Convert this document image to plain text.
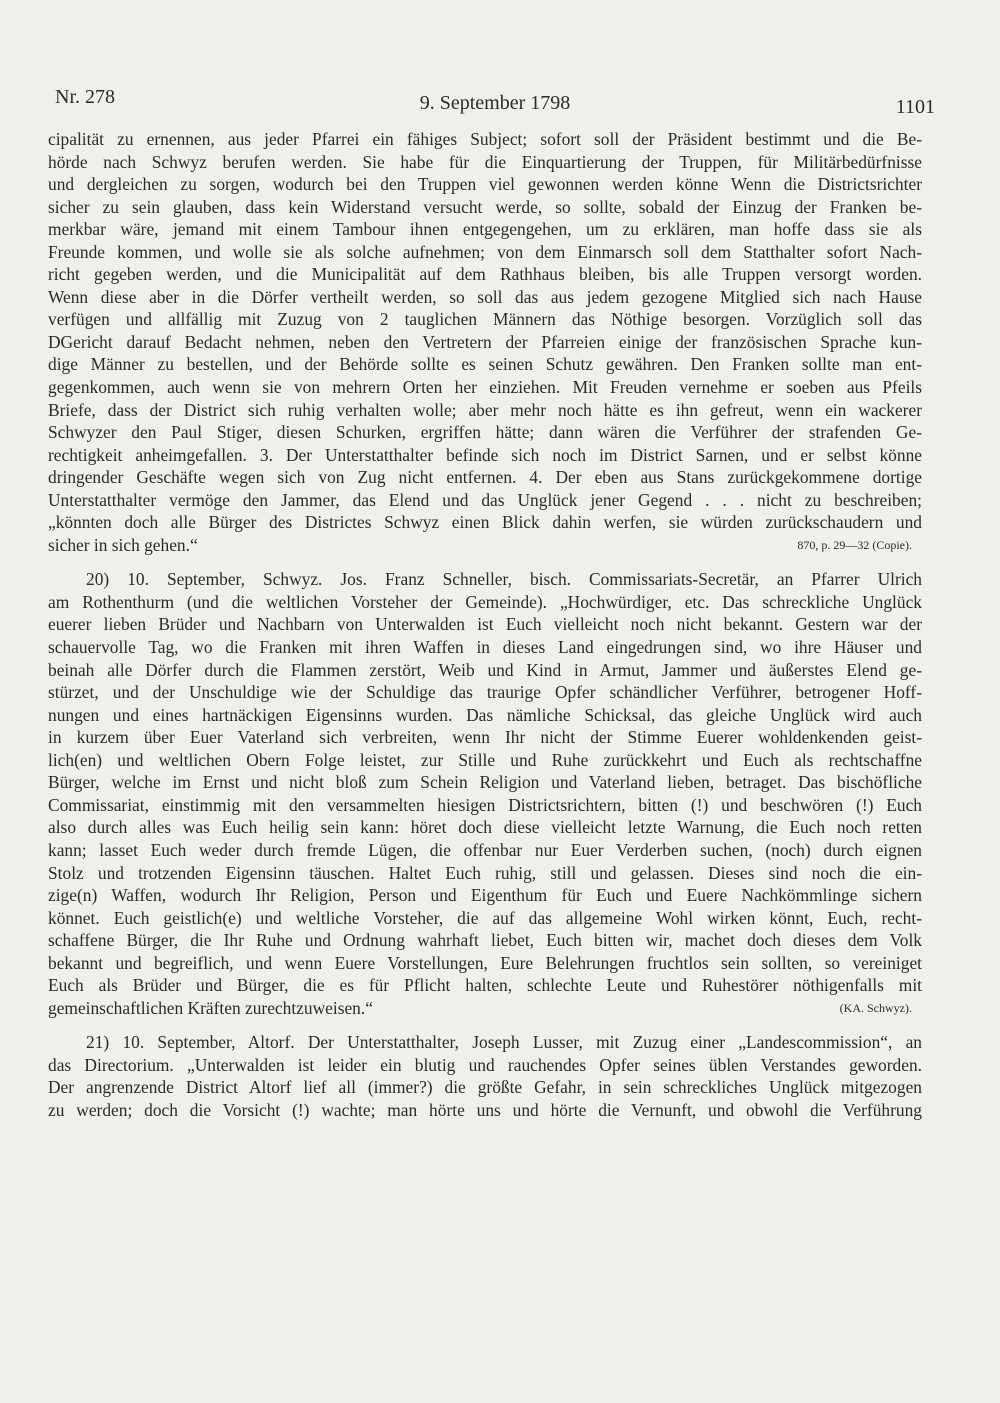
Nr. 278	9. September 1798	1101
cipalität zu ernennen, aus jeder Pfarrei ein fähiges Subject; sofort soll der Präsident bestimmt und die Be-
hörde nach Schwyz berufen werden. Sie habe für die Einquartierung der Truppen, für Militärbedürfnisse
und dergleichen zu sorgen, wodurch bei den Truppen viel gewonnen werden könne Wenn die Districtsrichter
sicher zu sein glauben, dass kein Widerstand versucht werde, so sollte, sobald der Einzug der Franken be-
merkbar wäre, jemand mit einem Tambour ihnen entgegengehen, um zu erklären, man hoffe dass sie als
Freunde kommen, und wolle sie als solche aufnehmen; von dem Einmarsch soll dem Statthalter sofort Nach-
richt gegeben werden, und die Municipalität auf dem Rathhaus bleiben, bis alle Truppen versorgt worden.
Wenn diese aber in die Dörfer vertheilt werden, so soll das aus jedem gezogene Mitglied sich nach Hause
verfügen und allfällig mit Zuzug von 2 tauglichen Männern das Nöthige besorgen. Vorzüglich soll das
DGericht darauf Bedacht nehmen, neben den Vertretern der Pfarreien einige der französischen Sprache kun-
dige Männer zu bestellen, und der Behörde sollte es seinen Schutz gewähren. Den Franken sollte man ent-
gegenkommen, auch wenn sie von mehrern Orten her einziehen. Mit Freuden vernehme er soeben aus Pfeils
Briefe, dass der District sich ruhig verhalten wolle; aber mehr noch hätte es ihn gefreut, wenn ein wackerer
Schwyzer den Paul Stiger, diesen Schurken, ergriffen hätte; dann wären die Verführer der strafenden Ge-
rechtigkeit anheimgefallen. 3. Der Unterstatthalter befinde sich noch im District Sarnen, und er selbst könne
dringender Geschäfte wegen sich von Zug nicht entfernen. 4. Der eben aus Stans zurückgekommene dortige
Unterstatthalter vermöge den Jammer, das Elend und das Unglück jener Gegend . . . nicht zu beschreiben;
„könnten doch alle Bürger des Districtes Schwyz einen Blick dahin werfen, sie würden zurückschaudern und
sicher in sich gehen.“	870, p. 29—32 (Copie).
20) 10. September, Schwyz. Jos. Franz Schneller, bisch. Commissariats-Secretär, an Pfarrer Ulrich
am Rothenthurm (und die weltlichen Vorsteher der Gemeinde). „Hochwürdiger, etc. Das schreckliche Unglück
euerer lieben Brüder und Nachbarn von Unterwalden ist Euch vielleicht noch nicht bekannt. Gestern war der
schauervolle Tag, wo die Franken mit ihren Waffen in dieses Land eingedrungen sind, wo ihre Häuser und
beinah alle Dörfer durch die Flammen zerstört, Weib und Kind in Armut, Jammer und äußerstes Elend ge-
stürzet, und der Unschuldige wie der Schuldige das traurige Opfer schändlicher Verführer, betrogener Hoff-
nungen und eines hartnäckigen Eigensinns wurden. Das nämliche Schicksal, das gleiche Unglück wird auch
in kurzem über Euer Vaterland sich verbreiten, wenn Ihr nicht der Stimme Euerer wohldenkenden geist-
lich(en) und weltlichen Obern Folge leistet, zur Stille und Ruhe zurückkehrt und Euch als rechtschaffne
Bürger, welche im Ernst und nicht bloß zum Schein Religion und Vaterland lieben, betraget. Das bischöfliche
Commissariat, einstimmig mit den versammelten hiesigen Districtsrichtern, bitten (!) und beschwören (!) Euch
also durch alles was Euch heilig sein kann: höret doch diese vielleicht letzte Warnung, die Euch noch retten
kann; lasset Euch weder durch fremde Lügen, die offenbar nur Euer Verderben suchen, (noch) durch eignen
Stolz und trotzenden Eigensinn täuschen. Haltet Euch ruhig, still und gelassen. Dieses sind noch die ein-
zige(n) Waffen, wodurch Ihr Religion, Person und Eigenthum für Euch und Euere Nachkömmlinge sichern
könnet. Euch geistlich(e) und weltliche Vorsteher, die auf das allgemeine Wohl wirken könnt, Euch, recht-
schaffene Bürger, die Ihr Ruhe und Ordnung wahrhaft liebet, Euch bitten wir, machet doch dieses dem Volk
bekannt und begreiflich, und wenn Euere Vorstellungen, Eure Belehrungen fruchtlos sein sollten, so vereiniget
Euch als Brüder und Bürger, die es für Pflicht halten, schlechte Leute und Ruhestörer nöthigenfalls mit
gemeinschaftlichen Kräften zurechtzuweisen.“	(KA. Schwyz).
21) 10. September, Altorf. Der Unterstatthalter, Joseph Lusser, mit Zuzug einer „Landescommission“, an
das Directorium. „Unterwalden ist leider ein blutig und rauchendes Opfer seines üblen Verstandes geworden.
Der angrenzende District Altorf lief all (immer?) die größte Gefahr, in sein schreckliches Unglück mitgezogen
zu werden; doch die Vorsicht (!) wachte; man hörte uns und hörte die Vernunft, und obwohl die Verführung
